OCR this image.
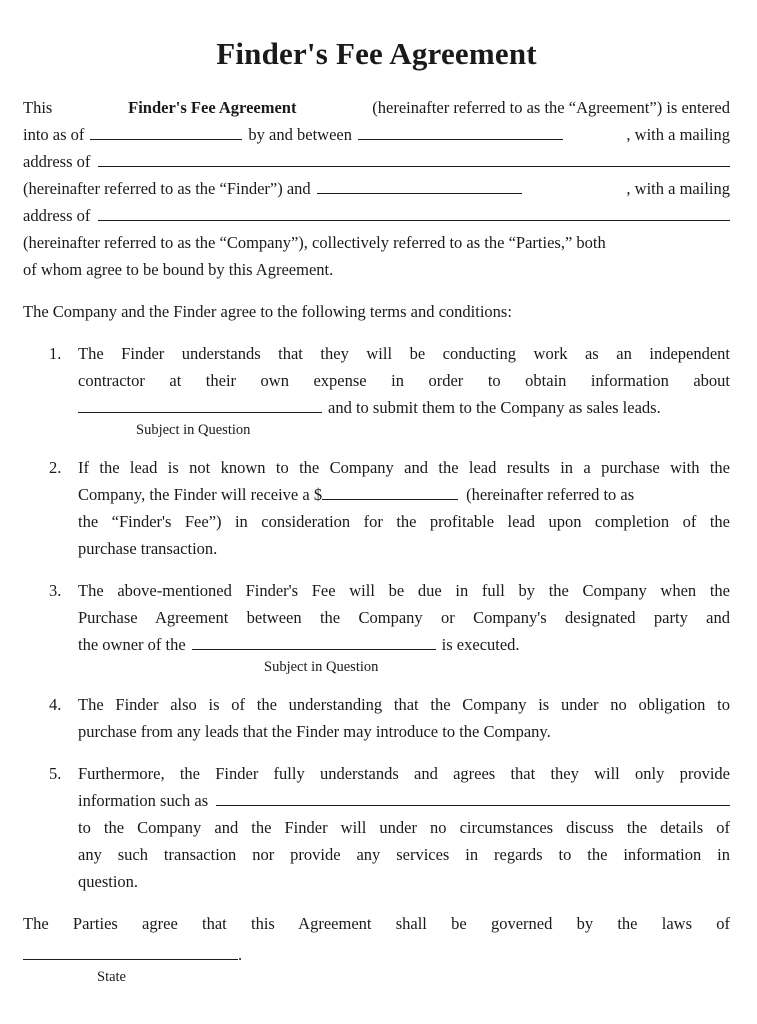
Finder's Fee Agreement
This	Finder's Fee Agreement	(hereinafter referred to as the “Agreement”) is entered
into as of	by and between	, with a mailing
address of
(hereinafter referred to as the “Finder”) and	, with a mailing
address of
(hereinafter referred to as the “Company”), collectively referred to as the “Parties,” both
of whom agree to be bound by this Agreement.
The Company and the Finder agree to the following terms and conditions:
1. The Finder understands that they will be conducting work as an independent
contractor at their own expense in order to obtain information about
and to submit them to the Company as sales leads.
Subject in Question
2. If the lead is not known to the Company and the lead results in a purchase with the
Company, the Finder will receive a $	(hereinafter referred to as
the “Finder's Fee”) in consideration for the profitable lead upon completion of the
purchase transaction.
3. The above-mentioned Finder's Fee will be due in full by the Company when the
Purchase Agreement between the Company or Company's designated party and
the owner of the	is executed.
Subject in Question
4. The Finder also is of the understanding that the Company is under no obligation to
purchase from any leads that the Finder may introduce to the Company.
5. Furthermore, the Finder fully understands and agrees that they will only provide
information such as
to the Company and the Finder will under no circumstances discuss the details of
any such transaction nor provide any services in regards to the information in
question.
The Parties agree that this Agreement shall be governed by the laws of
.
State
